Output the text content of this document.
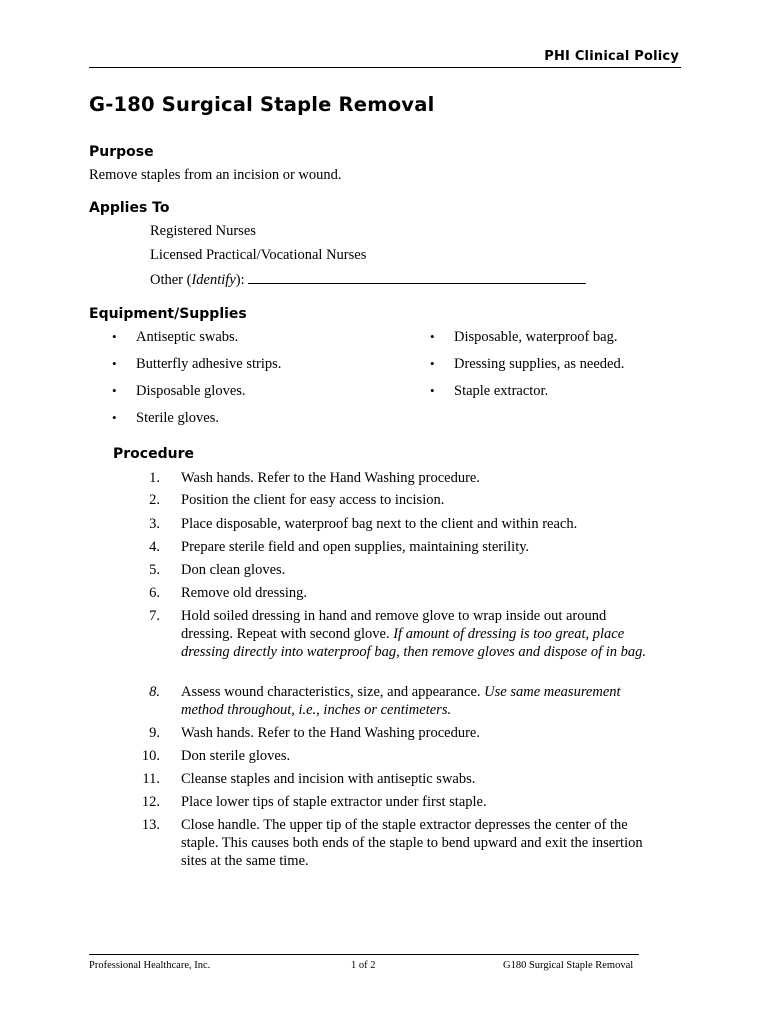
PHI Clinical Policy
G-180 Surgical Staple Removal
Purpose
Remove staples from an incision or wound.
Applies To
Registered Nurses
Licensed Practical/Vocational Nurses
Other (Identify):
Equipment/Supplies
•	Antiseptic swabs.
•	Butterfly adhesive strips.
•	Disposable gloves.
•	Sterile gloves.
•	Disposable, waterproof bag.
•	Dressing supplies, as needed.
•	Staple extractor.
Procedure
1. Wash hands. Refer to the Hand Washing procedure.
2. Position the client for easy access to incision.
3. Place disposable, waterproof bag next to the client and within reach.
4. Prepare sterile field and open supplies, maintaining sterility.
5. Don clean gloves.
6. Remove old dressing.
7. Hold soiled dressing in hand and remove glove to wrap inside out around dressing. Repeat with second glove. If amount of dressing is too great, place dressing directly into waterproof bag, then remove gloves and dispose of in bag.
8. Assess wound characteristics, size, and appearance. Use same measurement method throughout, i.e., inches or centimeters.
9. Wash hands. Refer to the Hand Washing procedure.
10. Don sterile gloves.
11. Cleanse staples and incision with antiseptic swabs.
12. Place lower tips of staple extractor under first staple.
13. Close handle. The upper tip of the staple extractor depresses the center of the staple. This causes both ends of the staple to bend upward and exit the insertion sites at the same time.
Professional Healthcare, Inc.	1 of 2	G180 Surgical Staple Removal
